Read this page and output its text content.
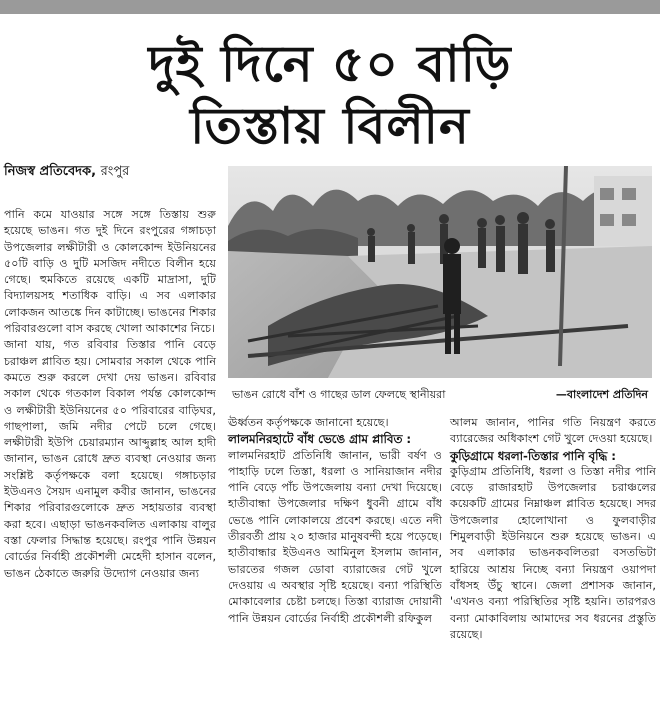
দুই দিনে ৫০ বাড়ি
তিস্তায় বিলীন
নিজস্ব প্রতিবেদক, রংপুর

পানি কমে যাওয়ার সঙ্গে সঙ্গে তিস্তায় শুরু হয়েছে ভাঙন। গত দুই দিনে রংপুরের গঙ্গাচড়া উপজেলার লক্ষীটারী ও কোলকোন্দ ইউনিয়নের ৫০টি বাড়ি ও দুটি মসজিদ নদীতে বিলীন হয়ে গেছে। হুমকিতে রয়েছে একটি মাদ্রাসা, দুটি বিদ্যালয়সহ শতাধিক বাড়ি। এ সব এলাকার লোকজন আতঙ্কে দিন কাটাচ্ছে। ভাঙনের শিকার পরিবারগুলো বাস করছে খোলা আকাশের নিচে।

জানা যায়, গত রবিবার তিস্তার পানি বেড়ে চরাঞ্চল প্লাবিত হয়। সোমবার সকাল থেকে পানি কমতে শুরু করলে দেখা দেয় ভাঙন। রবিবার সকাল থেকে গতকাল বিকাল পর্যন্ত কোলকোন্দ ও লক্ষীটারী ইউনিয়নের ৫০ পরিবারের বাড়িঘর, গাছপালা, জমি নদীর পেটে চলে গেছে। লক্ষীটারী ইউপি চেয়ারম্যান আব্দুল্লাহ আল হাদী জানান, ভাঙন রোধে দ্রুত ব্যবস্থা নেওয়ার জন্য সংশ্লিষ্ট কর্তৃপক্ষকে বলা হয়েছে। গঙ্গাচড়ার ইউএনও সৈয়দ এনামুল কবীর জানান, ভাঙনের শিকার পরিবারগুলোকে দ্রুত সহায়তার ব্যবস্থা করা হবে। এছাড়া ভাঙনকবলিত এলাকায় বালুর বস্তা ফেলার সিদ্ধান্ত হয়েছে। রংপুর পানি উন্নয়ন বোর্ডের নির্বাহী প্রকৌশলী মেহেদী হাসান বলেন, ভাঙন ঠেকাতে জরুরি উদ্যোগ নেওয়ার জন্য

ভাঙন রোধে বাঁশ ও গাছের ডাল ফেলছে স্থানীয়রা	—বাংলাদেশ প্রতিদিন

ঊর্ধ্বতন কর্তৃপক্ষকে জানানো হয়েছে।

লালমনিরহাটে বাঁধ ভেঙে গ্রাম প্লাবিত :

লালমনিরহাট প্রতিনিধি জানান, ভারী বর্ষণ ও পাহাড়ি ঢলে তিস্তা, ধরলা ও সানিয়াজান নদীর পানি বেড়ে পাঁচ উপজেলায় বন্যা দেখা দিয়েছে। হাতীবান্ধা উপজেলার দক্ষিণ ধুবনী গ্রামে বাঁধ ভেঙে পানি লোকালয়ে প্রবেশ করছে। এতে নদী তীরবর্তী প্রায় ২০ হাজার মানুষবন্দী হয়ে পড়েছে। হাতীবান্ধার ইউএনও আমিনুল ইসলাম জানান, ভারতের গজল ডোবা ব্যারাজের গেট খুলে দেওয়ায় এ অবস্থার সৃষ্টি হয়েছে। বন্যা পরিস্থিতি মোকাবেলার চেষ্টা চলছে। তিস্তা ব্যারাজ দোয়ানী পানি উন্নয়ন বোর্ডের নির্বাহী প্রকৌশলী রফিকুল

আলম জানান, পানির গতি নিয়ন্ত্রণ করতে ব্যারেজের অধিকাংশ গেট খুলে দেওয়া হয়েছে।

কুড়িগ্রামে ধরলা-তিস্তার পানি বৃদ্ধি :

কুড়িগ্রাম প্রতিনিধি, ধরলা ও তিস্তা নদীর পানি বেড়ে রাজারহাট উপজেলার চরাঞ্চলের কয়েকটি গ্রামের নিম্নাঞ্চল প্লাবিত হয়েছে। সদর উপজেলার হোলোখানা ও ফুলবাড়ীর শিমুলবাড়ী ইউনিয়নে শুরু হয়েছে ভাঙন। এ সব এলাকার ভাঙনকবলিতরা বসতভিটা হারিয়ে আশ্রয় নিচ্ছে বন্যা নিয়ন্ত্রণ ওয়াপদা বাঁধসহ উঁচু স্থানে। জেলা প্রশাসক জানান, 'এখনও বন্যা পরিস্থিতির সৃষ্টি হয়নি। তারপরও বন্যা মোকাবিলায় আমাদের সব ধরনের প্রস্তুতি রয়েছে।
